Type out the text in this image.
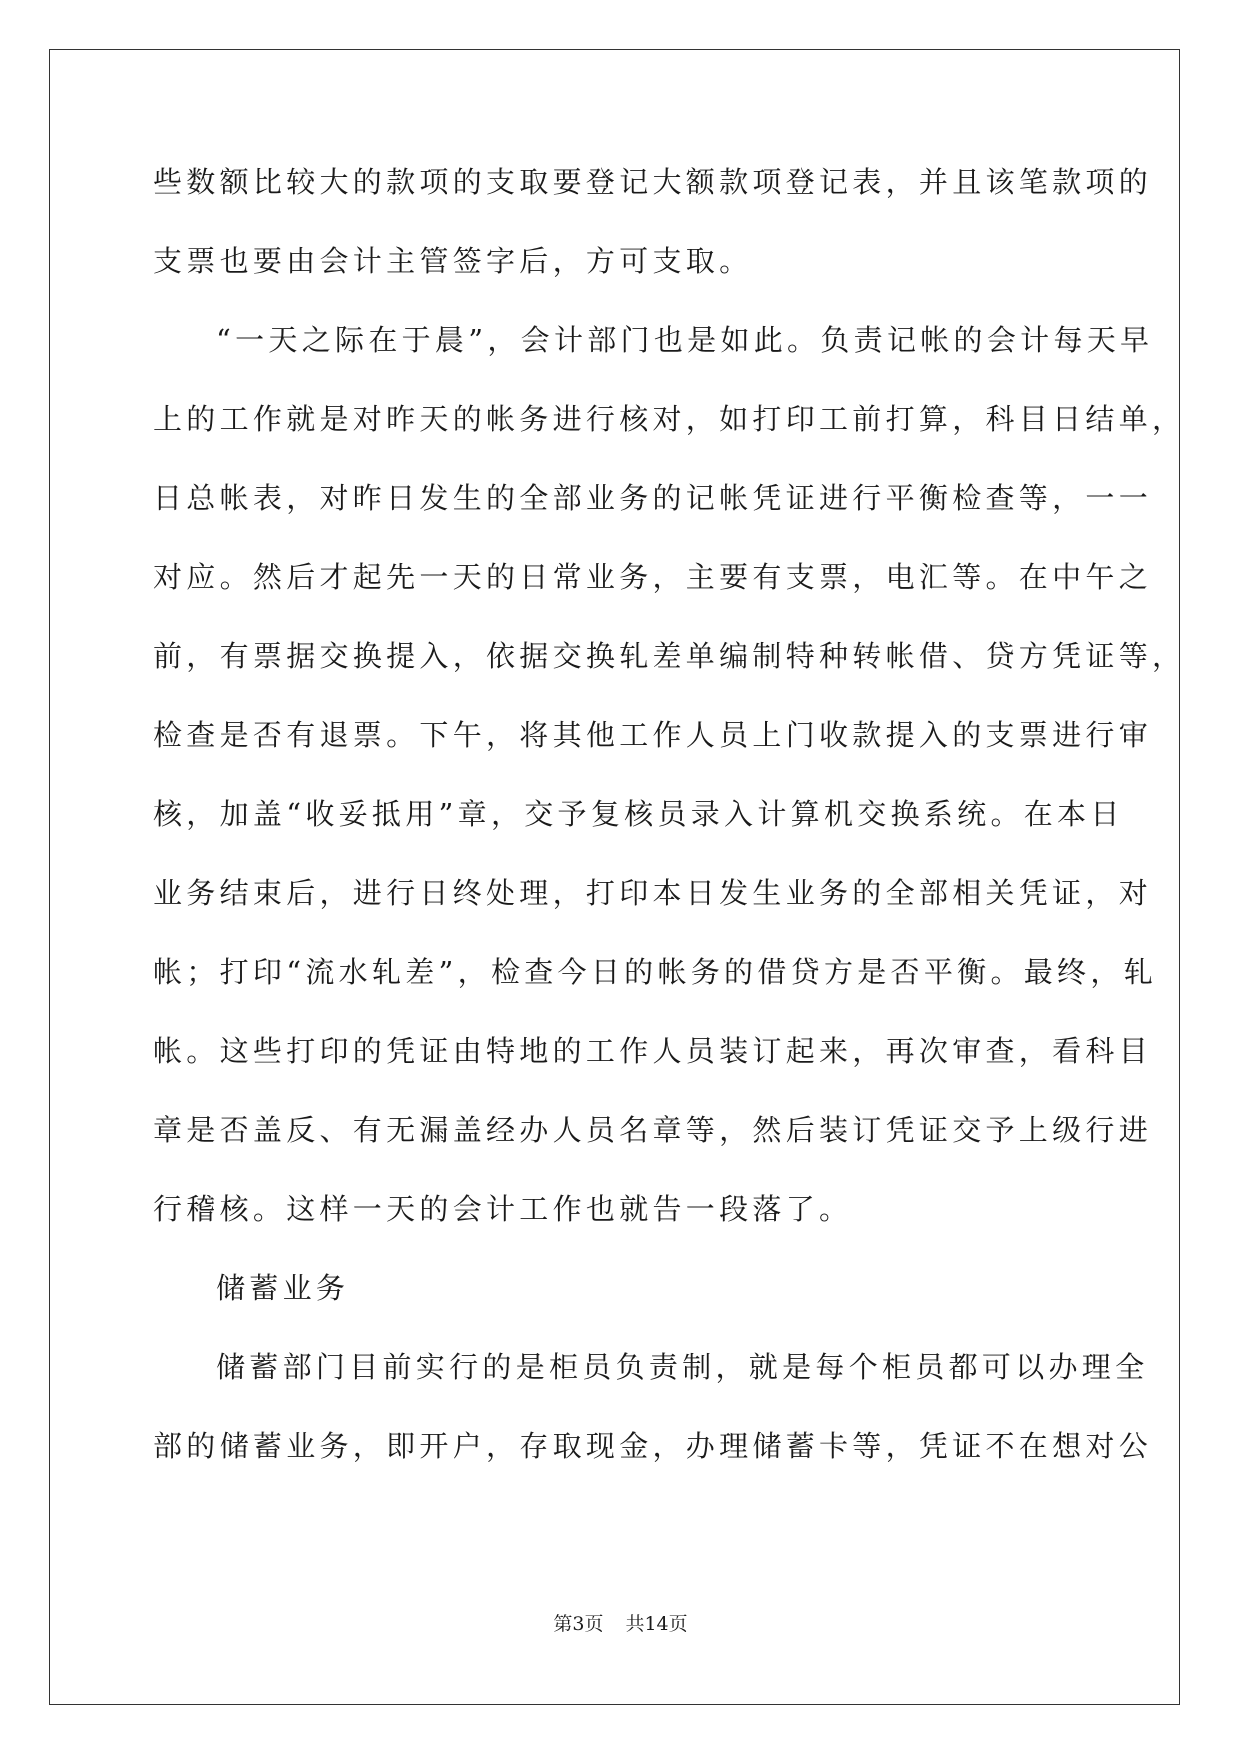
些数额比较大的款项的支取要登记大额款项登记表，并且该笔款项的
支票也要由会计主管签字后，方可支取。
“一天之际在于晨”，会计部门也是如此。负责记帐的会计每天早
上的工作就是对昨天的帐务进行核对，如打印工前打算，科目日结单，
日总帐表，对昨日发生的全部业务的记帐凭证进行平衡检查等，一一
对应。然后才起先一天的日常业务，主要有支票，电汇等。在中午之
前，有票据交换提入，依据交换轧差单编制特种转帐借、贷方凭证等，
检查是否有退票。下午，将其他工作人员上门收款提入的支票进行审
核，加盖“收妥抵用”章，交予复核员录入计算机交换系统。在本日
业务结束后，进行日终处理，打印本日发生业务的全部相关凭证，对
帐；打印“流水轧差”，检查今日的帐务的借贷方是否平衡。最终，轧
帐。这些打印的凭证由特地的工作人员装订起来，再次审查，看科目
章是否盖反、有无漏盖经办人员名章等，然后装订凭证交予上级行进
行稽核。这样一天的会计工作也就告一段落了。
储蓄业务
储蓄部门目前实行的是柜员负责制，就是每个柜员都可以办理全
部的储蓄业务，即开户，存取现金，办理储蓄卡等，凭证不在想对公
第3页 共14页
